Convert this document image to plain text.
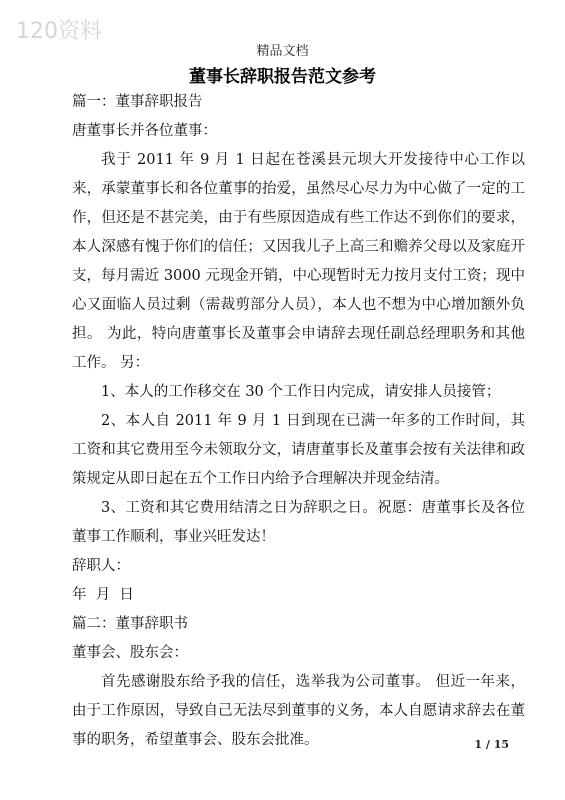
120资料
精品文档
董事长辞职报告范文参考

篇一：董事辞职报告

唐董事长并各位董事：

我于 2011 年 9 月 1 日起在苍溪县元坝大开发接待中心工作以来，承蒙董事长和各位董事的抬爱，虽然尽心尽力为中心做了一定的工作，但还是不甚完美，由于有些原因造成有些工作达不到你们的要求，本人深感有愧于你们的信任；又因我儿子上高三和赡养父母以及家庭开支，每月需近 3000 元现金开销，中心现暂时无力按月支付工资；现中心又面临人员过剩（需裁剪部分人员），本人也不想为中心增加额外负担。 为此，特向唐董事长及董事会申请辞去现任副总经理职务和其他工作。 另：

1、本人的工作移交在 30 个工作日内完成，请安排人员接管；

2、本人自 2011 年 9 月 1 日到现在已满一年多的工作时间，其工资和其它费用至今未领取分文，请唐董事长及董事会按有关法律和政策规定从即日起在五个工作日内给予合理解决并现金结清。

3、工资和其它费用结清之日为辞职之日。祝愿：唐董事长及各位董事工作顺利，事业兴旺发达！

辞职人：

年  月  日

篇二：董事辞职书

董事会、股东会：

首先感谢股东给予我的信任，选举我为公司董事。 但近一年来，由于工作原因，导致自己无法尽到董事的义务，本人自愿请求辞去在董事的职务，希望董事会、股东会批准。	1 / 15
